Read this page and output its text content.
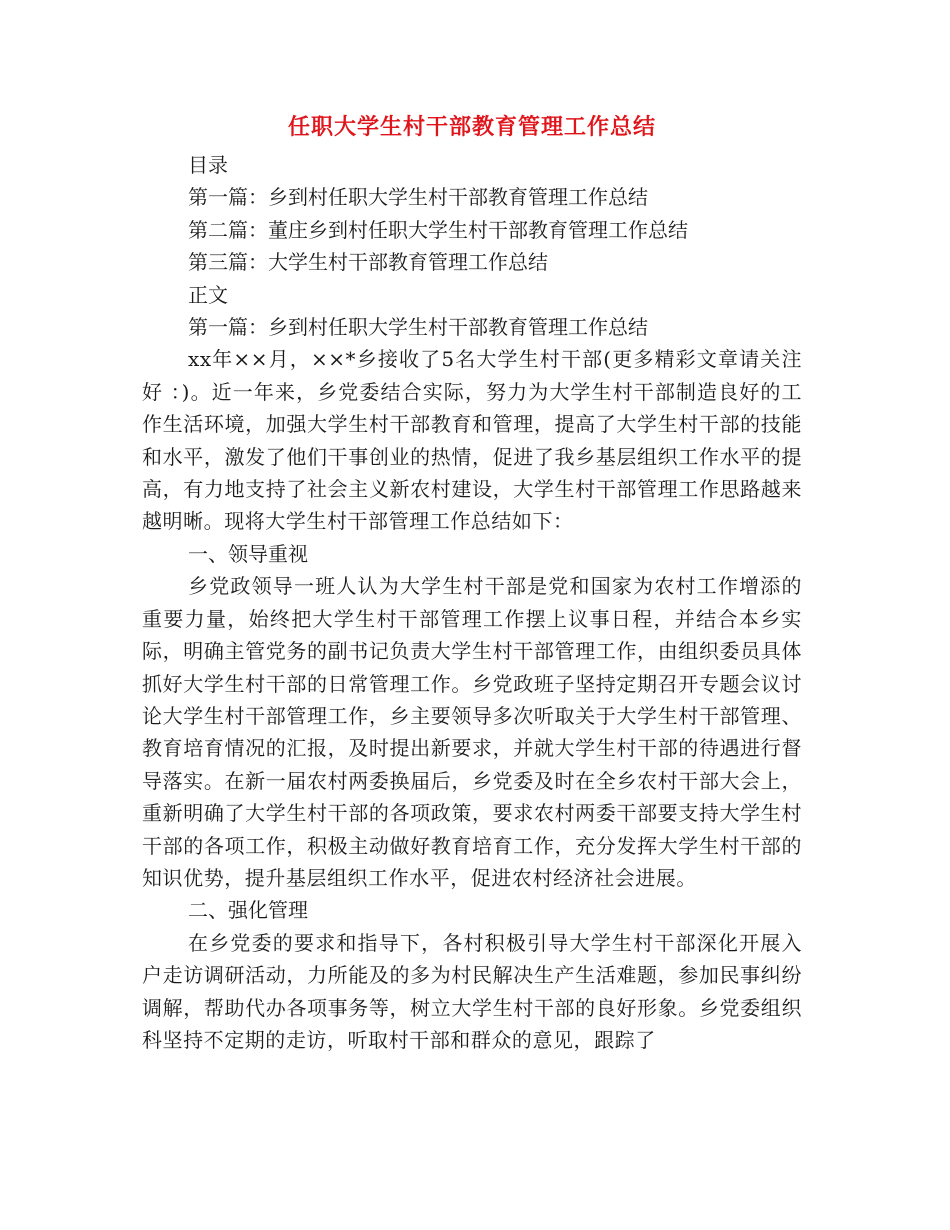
任职大学生村干部教育管理工作总结
目录
第一篇：乡到村任职大学生村干部教育管理工作总结
第二篇：董庄乡到村任职大学生村干部教育管理工作总结
第三篇：大学生村干部教育管理工作总结
正文
第一篇：乡到村任职大学生村干部教育管理工作总结

xx年××月，××*乡接收了5名大学生村干部(更多精彩文章请关注好 ：)。近一年来，乡党委结合实际，努力为大学生村干部制造良好的工作生活环境，加强大学生村干部教育和管理，提高了大学生村干部的技能和水平，激发了他们干事创业的热情，促进了我乡基层组织工作水平的提高，有力地支持了社会主义新农村建设，大学生村干部管理工作思路越来越明晰。现将大学生村干部管理工作总结如下：

一、领导重视

乡党政领导一班人认为大学生村干部是党和国家为农村工作增添的重要力量，始终把大学生村干部管理工作摆上议事日程，并结合本乡实际，明确主管党务的副书记负责大学生村干部管理工作，由组织委员具体抓好大学生村干部的日常管理工作。乡党政班子坚持定期召开专题会议讨论大学生村干部管理工作，乡主要领导多次听取关于大学生村干部管理、教育培育情况的汇报，及时提出新要求，并就大学生村干部的待遇进行督导落实。在新一届农村两委换届后，乡党委及时在全乡农村干部大会上，重新明确了大学生村干部的各项政策，要求农村两委干部要支持大学生村干部的各项工作，积极主动做好教育培育工作，充分发挥大学生村干部的知识优势，提升基层组织工作水平，促进农村经济社会进展。

二、强化管理

在乡党委的要求和指导下，各村积极引导大学生村干部深化开展入户走访调研活动，力所能及的多为村民解决生产生活难题，参加民事纠纷调解，帮助代办各项事务等，树立大学生村干部的良好形象。乡党委组织科坚持不定期的走访，听取村干部和群众的意见，跟踪了
